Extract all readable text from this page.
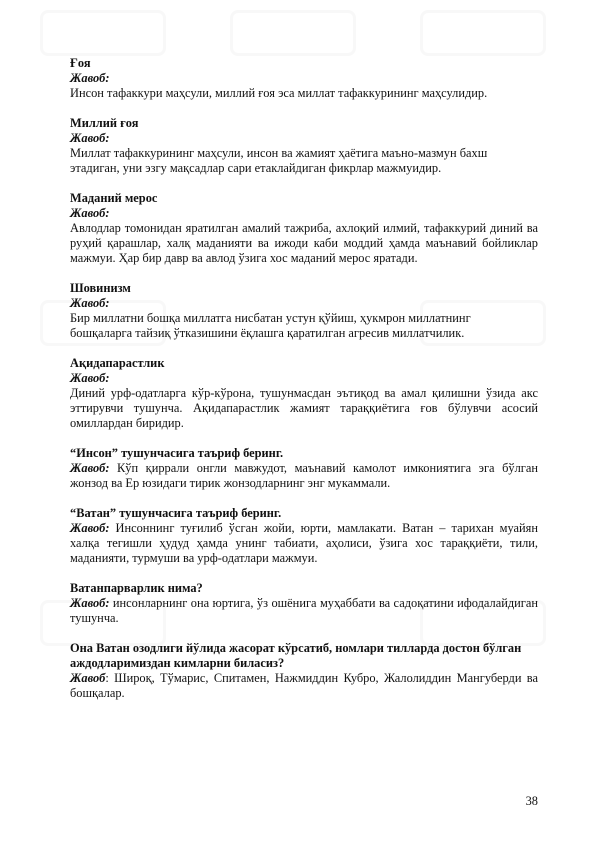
Ғоя
Жавоб:
Инсон тафаккури маҳсули, миллий ғоя эса миллат тафаккурининг маҳсулидир.
Миллий ғоя
Жавоб:
Миллат тафаккурининг маҳсули, инсон ва жамият ҳаётига маъно-мазмун бахш этадиган, уни эзгу мақсадлар сари етаклайдиган фикрлар мажмуидир.
Маданий мерос
Жавоб:
Авлодлар томонидан яратилган амалий тажриба, ахлоқий илмий, тафаккурий диний ва руҳий қарашлар, халқ маданияти ва ижоди каби моддий ҳамда маънавий бойликлар мажмуи. Ҳар бир давр ва авлод ўзига хос маданий мерос яратади.
Шовинизм
Жавоб:
Бир миллатни бошқа миллатга нисбатан устун қўйиш, ҳукмрон миллатнинг бошқаларга тайзиқ ўтказишини ёқлашга қаратилган агресив миллатчилик.
Ақидапарастлик
Жавоб:
Диний урф-одатларга кўр-кўрона, тушунмасдан эътиқод ва амал қилишни ўзида акс эттирувчи тушунча. Ақидапарастлик жамият тараққиётига ғов бўлувчи асосий омиллардан биридир.
“Инсон” тушунчасига таъриф беринг.
Жавоб: Кўп қиррали онгли мавжудот, маънавий камолот имкониятига эга бўлган жонзод ва Ер юзидаги тирик жонзодларнинг энг мукаммали.
“Ватан” тушунчасига таъриф беринг.
Жавоб: Инсоннинг туғилиб ўсган жойи, юрти, мамлакати. Ватан – тарихан муайян халқа тегишли ҳудуд ҳамда унинг табиати, аҳолиси, ўзига хос тараққиёти, тили, маданияти, турмуши ва урф-одатлари мажмуи.
Ватанпарварлик нима?
Жавоб: инсонларнинг она юртига, ўз ошёнига муҳаббати ва садоқатини ифодалайдиган тушунча.
Она Ватан озодлиги йўлида жасорат кўрсатиб, номлари тилларда достон бўлган аждодларимиздан кимларни биласиз?
Жавоб: Широқ, Тўмарис, Спитамен, Нажмиддин Кубро, Жалолиддин Мангуберди ва бошқалар.
38
